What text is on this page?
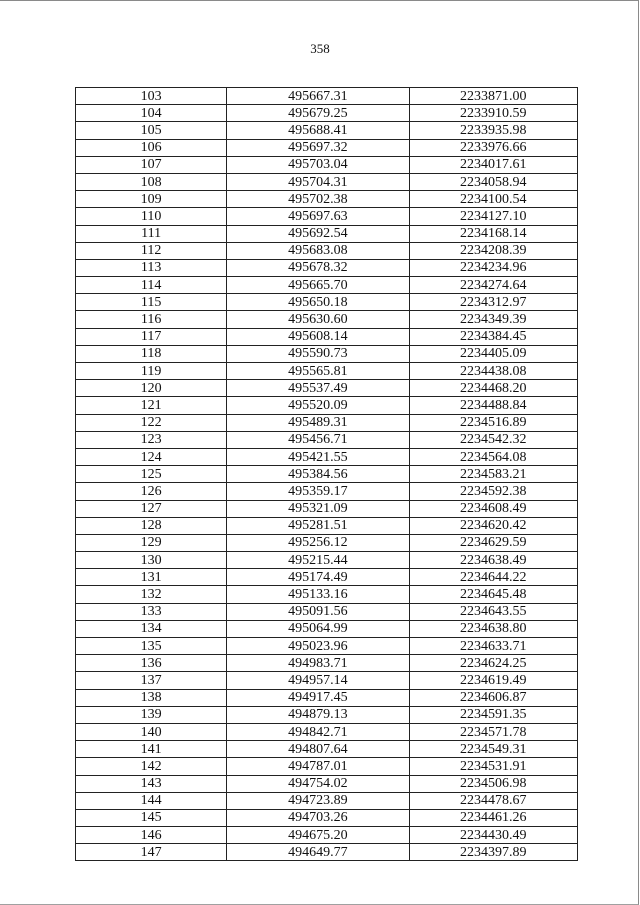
358
103	495667.31	2233871.00
104	495679.25	2233910.59
105	495688.41	2233935.98
106	495697.32	2233976.66
107	495703.04	2234017.61
108	495704.31	2234058.94
109	495702.38	2234100.54
110	495697.63	2234127.10
111	495692.54	2234168.14
112	495683.08	2234208.39
113	495678.32	2234234.96
114	495665.70	2234274.64
115	495650.18	2234312.97
116	495630.60	2234349.39
117	495608.14	2234384.45
118	495590.73	2234405.09
119	495565.81	2234438.08
120	495537.49	2234468.20
121	495520.09	2234488.84
122	495489.31	2234516.89
123	495456.71	2234542.32
124	495421.55	2234564.08
125	495384.56	2234583.21
126	495359.17	2234592.38
127	495321.09	2234608.49
128	495281.51	2234620.42
129	495256.12	2234629.59
130	495215.44	2234638.49
131	495174.49	2234644.22
132	495133.16	2234645.48
133	495091.56	2234643.55
134	495064.99	2234638.80
135	495023.96	2234633.71
136	494983.71	2234624.25
137	494957.14	2234619.49
138	494917.45	2234606.87
139	494879.13	2234591.35
140	494842.71	2234571.78
141	494807.64	2234549.31
142	494787.01	2234531.91
143	494754.02	2234506.98
144	494723.89	2234478.67
145	494703.26	2234461.26
146	494675.20	2234430.49
147	494649.77	2234397.89
